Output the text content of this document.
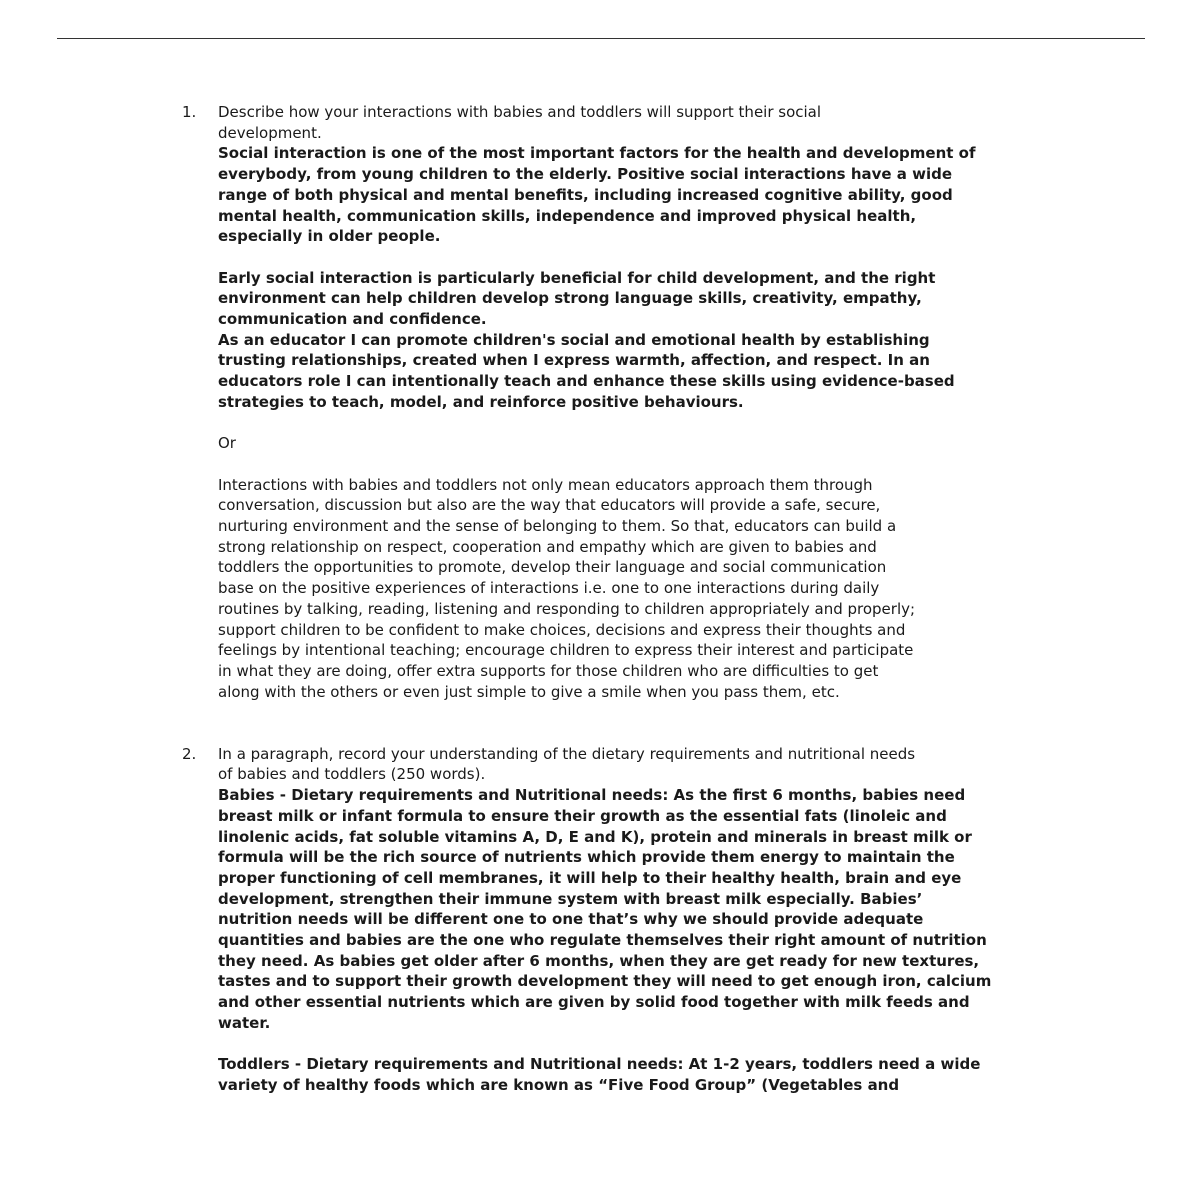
1. Describe how your interactions with babies and toddlers will support their social
development.

Social interaction is one of the most important factors for the health and development of
everybody, from young children to the elderly. Positive social interactions have a wide
range of both physical and mental benefits, including increased cognitive ability, good
mental health, communication skills, independence and improved physical health,
especially in older people.

Early social interaction is particularly beneficial for child development, and the right
environment can help children develop strong language skills, creativity, empathy,
communication and confidence.

As an educator I can promote children's social and emotional health by establishing
trusting relationships, created when I express warmth, affection, and respect. In an
educators role I can intentionally teach and enhance these skills using evidence-based
strategies to teach, model, and reinforce positive behaviours.

Or

Interactions with babies and toddlers not only mean educators approach them through
conversation, discussion but also are the way that educators will provide a safe, secure,
nurturing environment and the sense of belonging to them. So that, educators can build a
strong relationship on respect, cooperation and empathy which are given to babies and
toddlers the opportunities to promote, develop their language and social communication
base on the positive experiences of interactions i.e. one to one interactions during daily
routines by talking, reading, listening and responding to children appropriately and properly;
support children to be confident to make choices, decisions and express their thoughts and
feelings by intentional teaching; encourage children to express their interest and participate
in what they are doing, offer extra supports for those children who are difficulties to get
along with the others or even just simple to give a smile when you pass them, etc.

2. In a paragraph, record your understanding of the dietary requirements and nutritional needs
of babies and toddlers (250 words).

Babies - Dietary requirements and Nutritional needs: As the first 6 months, babies need
breast milk or infant formula to ensure their growth as the essential fats (linoleic and
linolenic acids, fat soluble vitamins A, D, E and K), protein and minerals in breast milk or
formula will be the rich source of nutrients which provide them energy to maintain the
proper functioning of cell membranes, it will help to their healthy health, brain and eye
development, strengthen their immune system with breast milk especially. Babies’
nutrition needs will be different one to one that’s why we should provide adequate
quantities and babies are the one who regulate themselves their right amount of nutrition
they need. As babies get older after 6 months, when they are get ready for new textures,
tastes and to support their growth development they will need to get enough iron, calcium
and other essential nutrients which are given by solid food together with milk feeds and
water.

Toddlers - Dietary requirements and Nutritional needs: At 1-2 years, toddlers need a wide
variety of healthy foods which are known as “Five Food Group” (Vegetables and
